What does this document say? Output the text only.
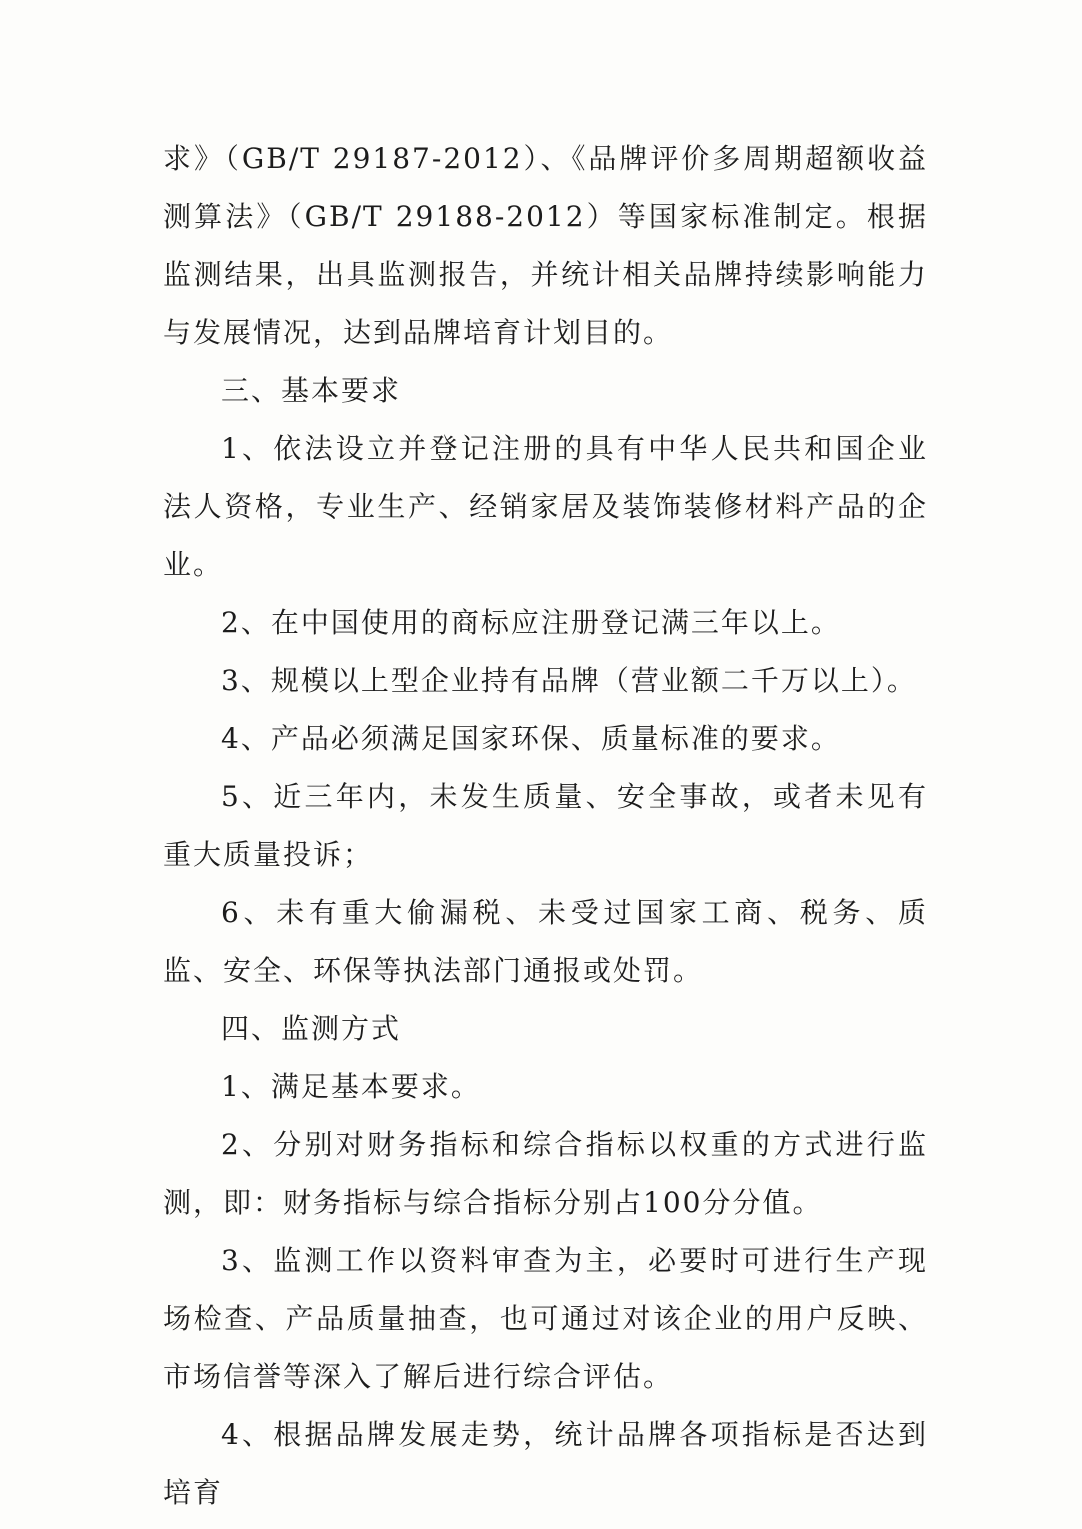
求》（GB/T 29187-2012）、《品牌评价多周期超额收益测算法》（GB/T 29188-2012）等国家标准制定。根据监测结果，出具监测报告，并统计相关品牌持续影响能力与发展情况，达到品牌培育计划目的。

三、基本要求

1、依法设立并登记注册的具有中华人民共和国企业法人资格，专业生产、经销家居及装饰装修材料产品的企业。

2、在中国使用的商标应注册登记满三年以上。

3、规模以上型企业持有品牌（营业额二千万以上）。

4、产品必须满足国家环保、质量标准的要求。

5、近三年内，未发生质量、安全事故，或者未见有重大质量投诉；

6、未有重大偷漏税、未受过国家工商、税务、质监、安全、环保等执法部门通报或处罚。

四、监测方式

1、满足基本要求。

2、分别对财务指标和综合指标以权重的方式进行监测，即：财务指标与综合指标分别占100分分值。

3、监测工作以资料审查为主，必要时可进行生产现场检查、产品质量抽查，也可通过对该企业的用户反映、市场信誉等深入了解后进行综合评估。

4、根据品牌发展走势，统计品牌各项指标是否达到培育
